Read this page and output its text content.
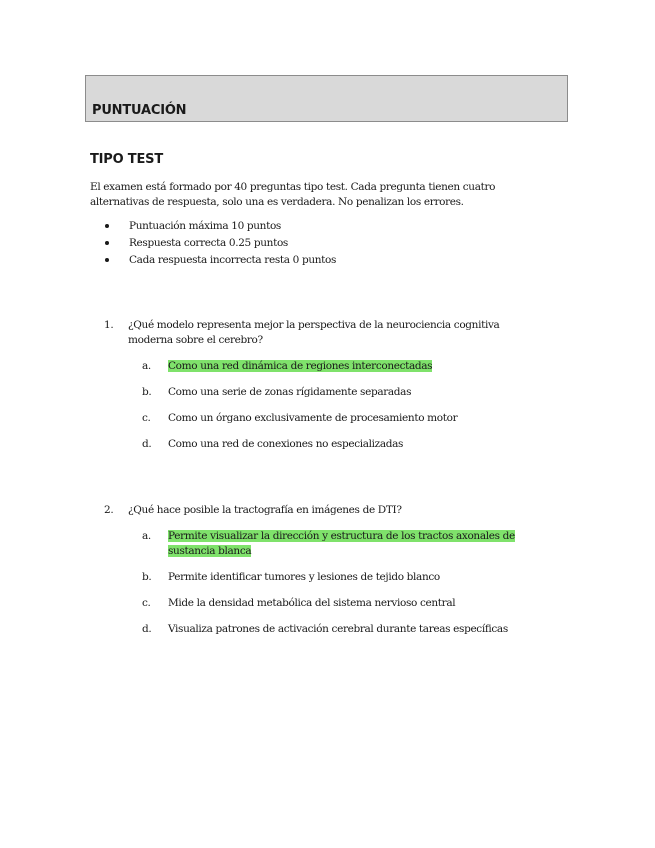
PUNTUACIÓN
TIPO TEST
El examen está formado por 40 preguntas tipo test. Cada pregunta tienen cuatro
alternativas de respuesta, solo una es verdadera. No penalizan los errores.
Puntuación máxima 10 puntos
Respuesta correcta 0.25 puntos
Cada respuesta incorrecta resta 0 puntos
1. ¿Qué modelo representa mejor la perspectiva de la neurociencia cognitiva
moderna sobre el cerebro?
a. Como una red dinámica de regiones interconectadas
b. Como una serie de zonas rígidamente separadas
c. Como un órgano exclusivamente de procesamiento motor
d. Como una red de conexiones no especializadas
2. ¿Qué hace posible la tractografía en imágenes de DTI?
a. Permite visualizar la dirección y estructura de los tractos axonales de
sustancia blanca
b. Permite identificar tumores y lesiones de tejido blanco
c. Mide la densidad metabólica del sistema nervioso central
d. Visualiza patrones de activación cerebral durante tareas específicas
